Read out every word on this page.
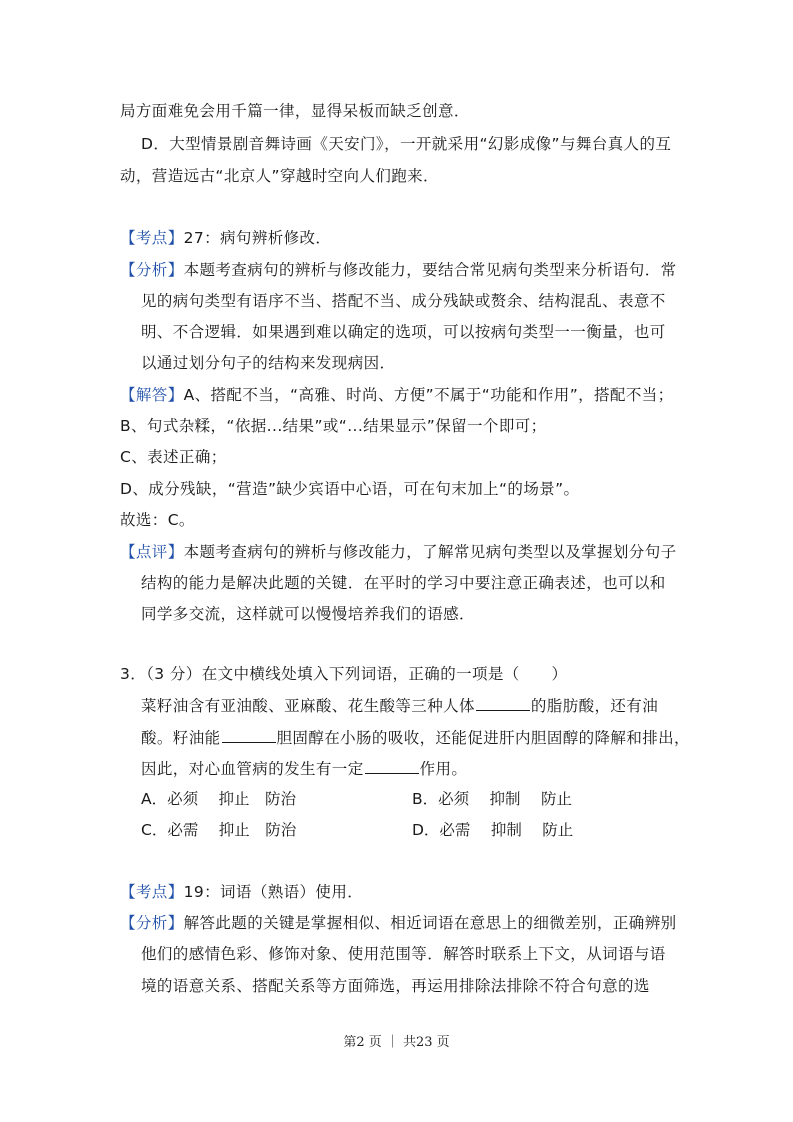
局方面难免会用千篇一律，显得呆板而缺乏创意．
D．大型情景剧音舞诗画《天安门》，一开就采用“幻影成像”与舞台真人的互
动，营造远古“北京人”穿越时空向人们跑来．
【考点】27：病句辨析修改．
【分析】本题考查病句的辨析与修改能力，要结合常见病句类型来分析语句．常
见的病句类型有语序不当、搭配不当、成分残缺或赘余、结构混乱、表意不
明、不合逻辑．如果遇到难以确定的选项，可以按病句类型一一衡量，也可
以通过划分句子的结构来发现病因．
【解答】A、搭配不当，“高雅、时尚、方便”不属于“功能和作用”，搭配不当；
B、句式杂糅，“依据...结果”或“...结果显示”保留一个即可；
C、表述正确；
D、成分残缺，“营造”缺少宾语中心语，可在句末加上“的场景”。
故选：C。
【点评】本题考查病句的辨析与修改能力，了解常见病句类型以及掌握划分句子
结构的能力是解决此题的关键．在平时的学习中要注意正确表述，也可以和
同学多交流，这样就可以慢慢培养我们的语感．
3．（3 分）在文中横线处填入下列词语，正确的一项是（　　）
菜籽油含有亚油酸、亚麻酸、花生酸等三种人体	的脂肪酸，还有油
酸。籽油能	胆固醇在小肠的吸收，还能促进肝内胆固醇的降解和排出，
因此，对心血管病的发生有一定	作用。
A．必须　 抑止　防治	B．必须　 抑制　 防止
C．必需　 抑止　防治	D．必需　 抑制　 防止
【考点】19：词语（熟语）使用．
【分析】解答此题的关键是掌握相似、相近词语在意思上的细微差别，正确辨别
他们的感情色彩、修饰对象、使用范围等．解答时联系上下文，从词语与语
境的语意关系、搭配关系等方面筛选，再运用排除法排除不符合句意的选
第2 页 ｜ 共23 页
